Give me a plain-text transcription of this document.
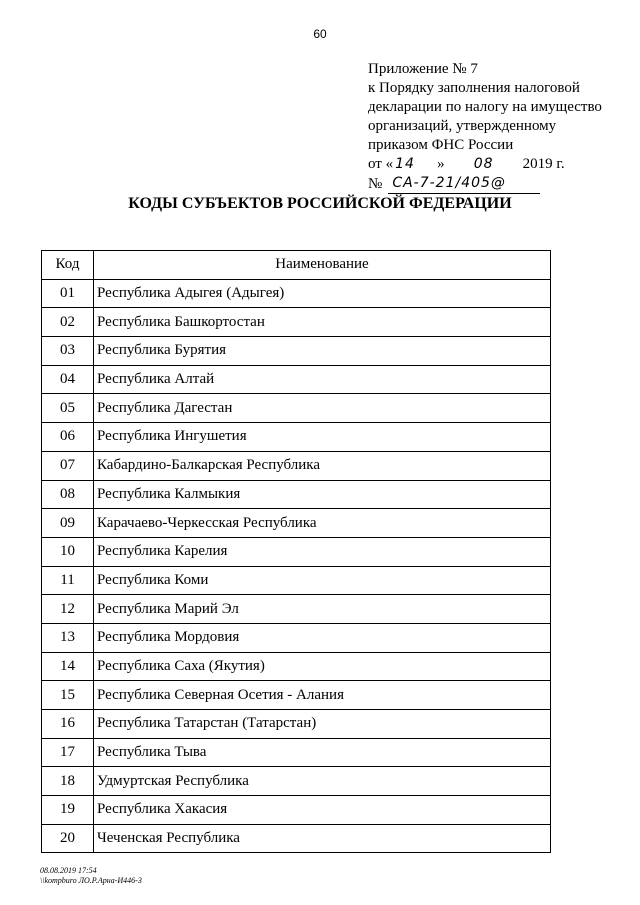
60
Приложение № 7
к Порядку заполнения налоговой
декларации по налогу на имущество
организаций, утвержденному
приказом ФНС России
от « 14	»	08	2019 г.
№ СА-7-21/405@
КОДЫ СУБЪЕКТОВ РОССИЙСКОЙ ФЕДЕРАЦИИ
Код	Наименование
01	Республика Адыгея (Адыгея)
02	Республика Башкортостан
03	Республика Бурятия
04	Республика Алтай
05	Республика Дагестан
06	Республика Ингушетия
07	Кабардино-Балкарская Республика
08	Республика Калмыкия
09	Карачаево-Черкесская Республика
10	Республика Карелия
11	Республика Коми
12	Республика Марий Эл
13	Республика Мордовия
14	Республика Саха (Якутия)
15	Республика Северная Осетия - Алания
16	Республика Татарстан (Татарстан)
17	Республика Тыва
18	Удмуртская Республика
19	Республика Хакасия
20	Чеченская Республика
08.08.2019 17:54
\\kompburo ЛО.Р.Арна-И446-3
